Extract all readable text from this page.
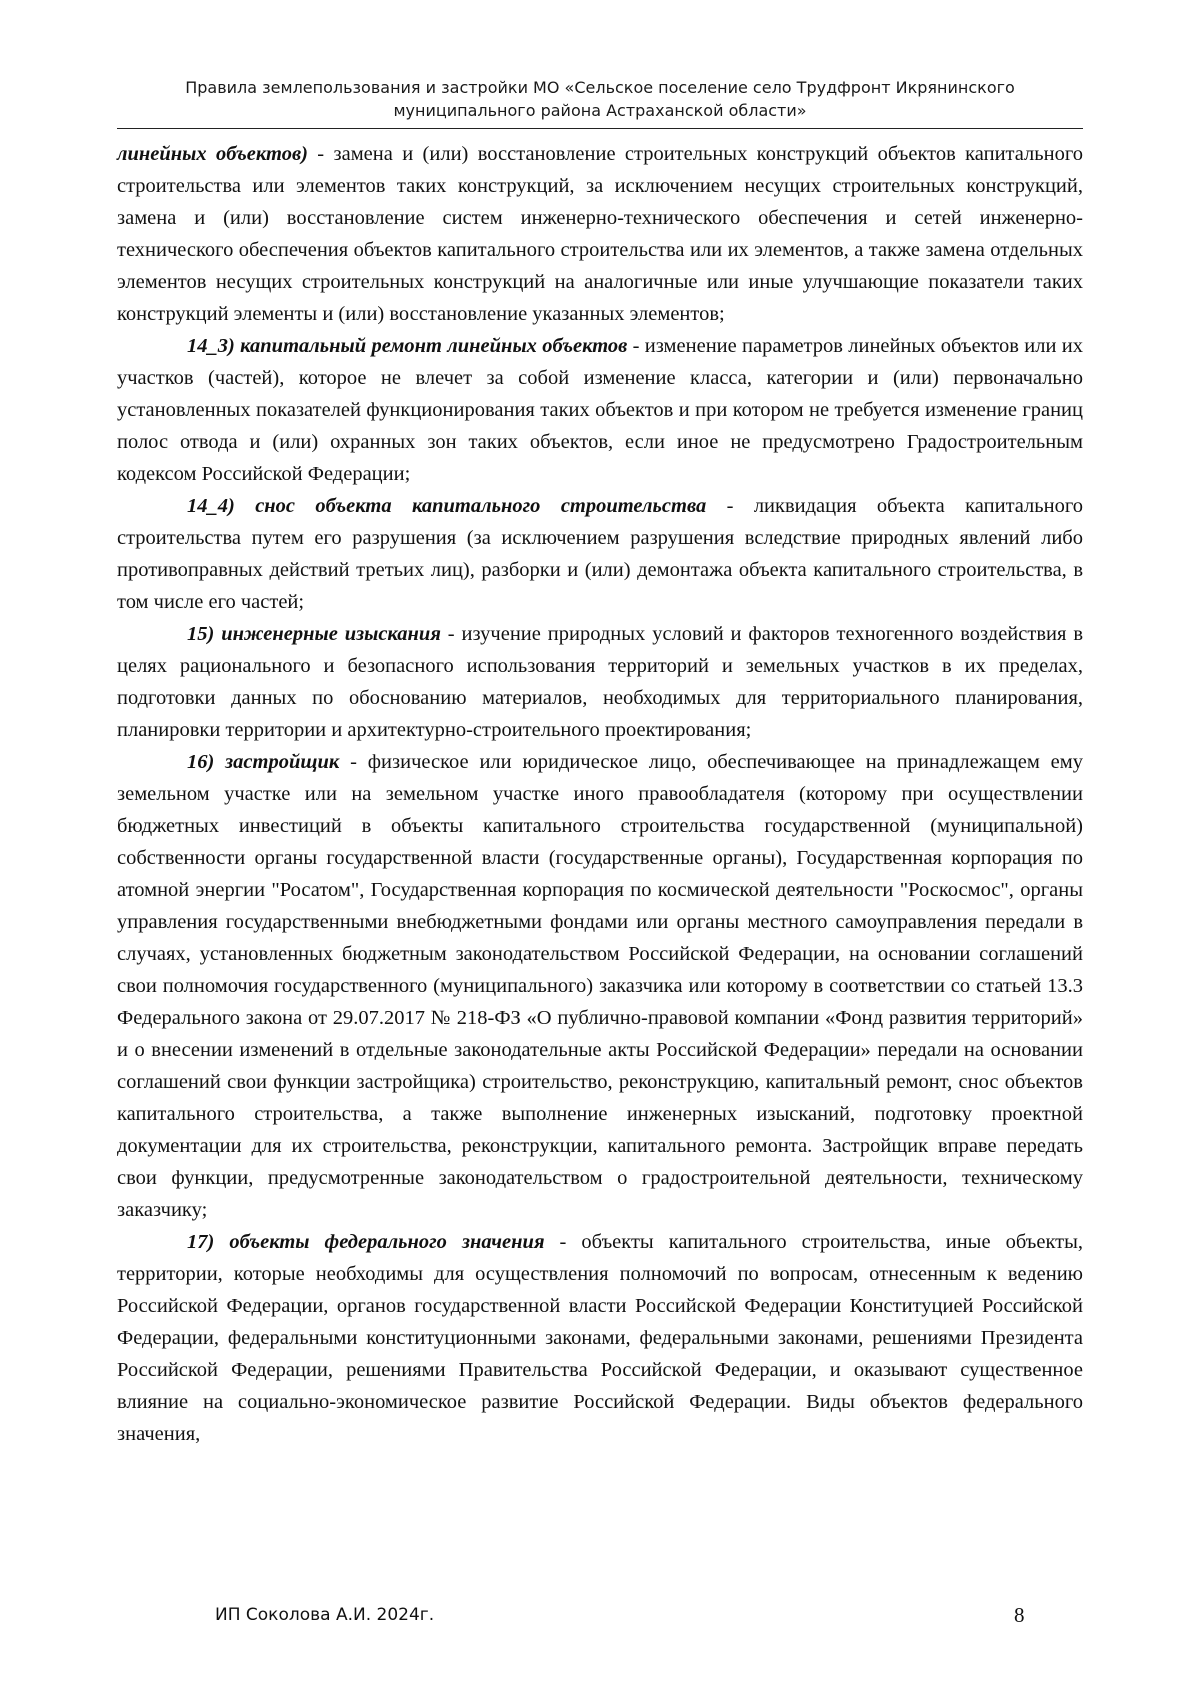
Правила землепользования и застройки МО «Сельское поселение село Трудфронт Икрянинского
муниципального района Астраханской области»

линейных объектов) - замена и (или) восстановление строительных конструкций объектов капитального строительства или элементов таких конструкций, за исключением несущих строительных конструкций, замена и (или) восстановление систем инженерно-технического обеспечения и сетей инженерно-технического обеспечения объектов капитального строительства или их элементов, а также замена отдельных элементов несущих строительных конструкций на аналогичные или иные улучшающие показатели таких конструкций элементы и (или) восстановление указанных элементов;

14_3) капитальный ремонт линейных объектов - изменение параметров линейных объектов или их участков (частей), которое не влечет за собой изменение класса, категории и (или) первоначально установленных показателей функционирования таких объектов и при котором не требуется изменение границ полос отвода и (или) охранных зон таких объектов, если иное не предусмотрено Градостроительным кодексом Российской Федерации;

14_4) снос объекта капитального строительства - ликвидация объекта капитального строительства путем его разрушения (за исключением разрушения вследствие природных явлений либо противоправных действий третьих лиц), разборки и (или) демонтажа объекта капитального строительства, в том числе его частей;

15) инженерные изыскания - изучение природных условий и факторов техногенного воздействия в целях рационального и безопасного использования территорий и земельных участков в их пределах, подготовки данных по обоснованию материалов, необходимых для территориального планирования, планировки территории и архитектурно-строительного проектирования;

16) застройщик - физическое или юридическое лицо, обеспечивающее на принадлежащем ему земельном участке или на земельном участке иного правообладателя (которому при осуществлении бюджетных инвестиций в объекты капитального строительства государственной (муниципальной) собственности органы государственной власти (государственные органы), Государственная корпорация по атомной энергии "Росатом", Государственная корпорация по космической деятельности "Роскосмос", органы управления государственными внебюджетными фондами или органы местного самоуправления передали в случаях, установленных бюджетным законодательством Российской Федерации, на основании соглашений свои полномочия государственного (муниципального) заказчика или которому в соответствии со статьей 13.3 Федерального закона от 29.07.2017 № 218-ФЗ «О публично-правовой компании «Фонд развития территорий» и о внесении изменений в отдельные законодательные акты Российской Федерации» передали на основании соглашений свои функции застройщика) строительство, реконструкцию, капитальный ремонт, снос объектов капитального строительства, а также выполнение инженерных изысканий, подготовку проектной документации для их строительства, реконструкции, капитального ремонта. Застройщик вправе передать свои функции, предусмотренные законодательством о градостроительной деятельности, техническому заказчику;

17) объекты федерального значения - объекты капитального строительства, иные объекты, территории, которые необходимы для осуществления полномочий по вопросам, отнесенным к ведению Российской Федерации, органов государственной власти Российской Федерации Конституцией Российской Федерации, федеральными конституционными законами, федеральными законами, решениями Президента Российской Федерации, решениями Правительства Российской Федерации, и оказывают существенное влияние на социально-экономическое развитие Российской Федерации. Виды объектов федерального значения,

ИП Соколова А.И. 2024г.	8
